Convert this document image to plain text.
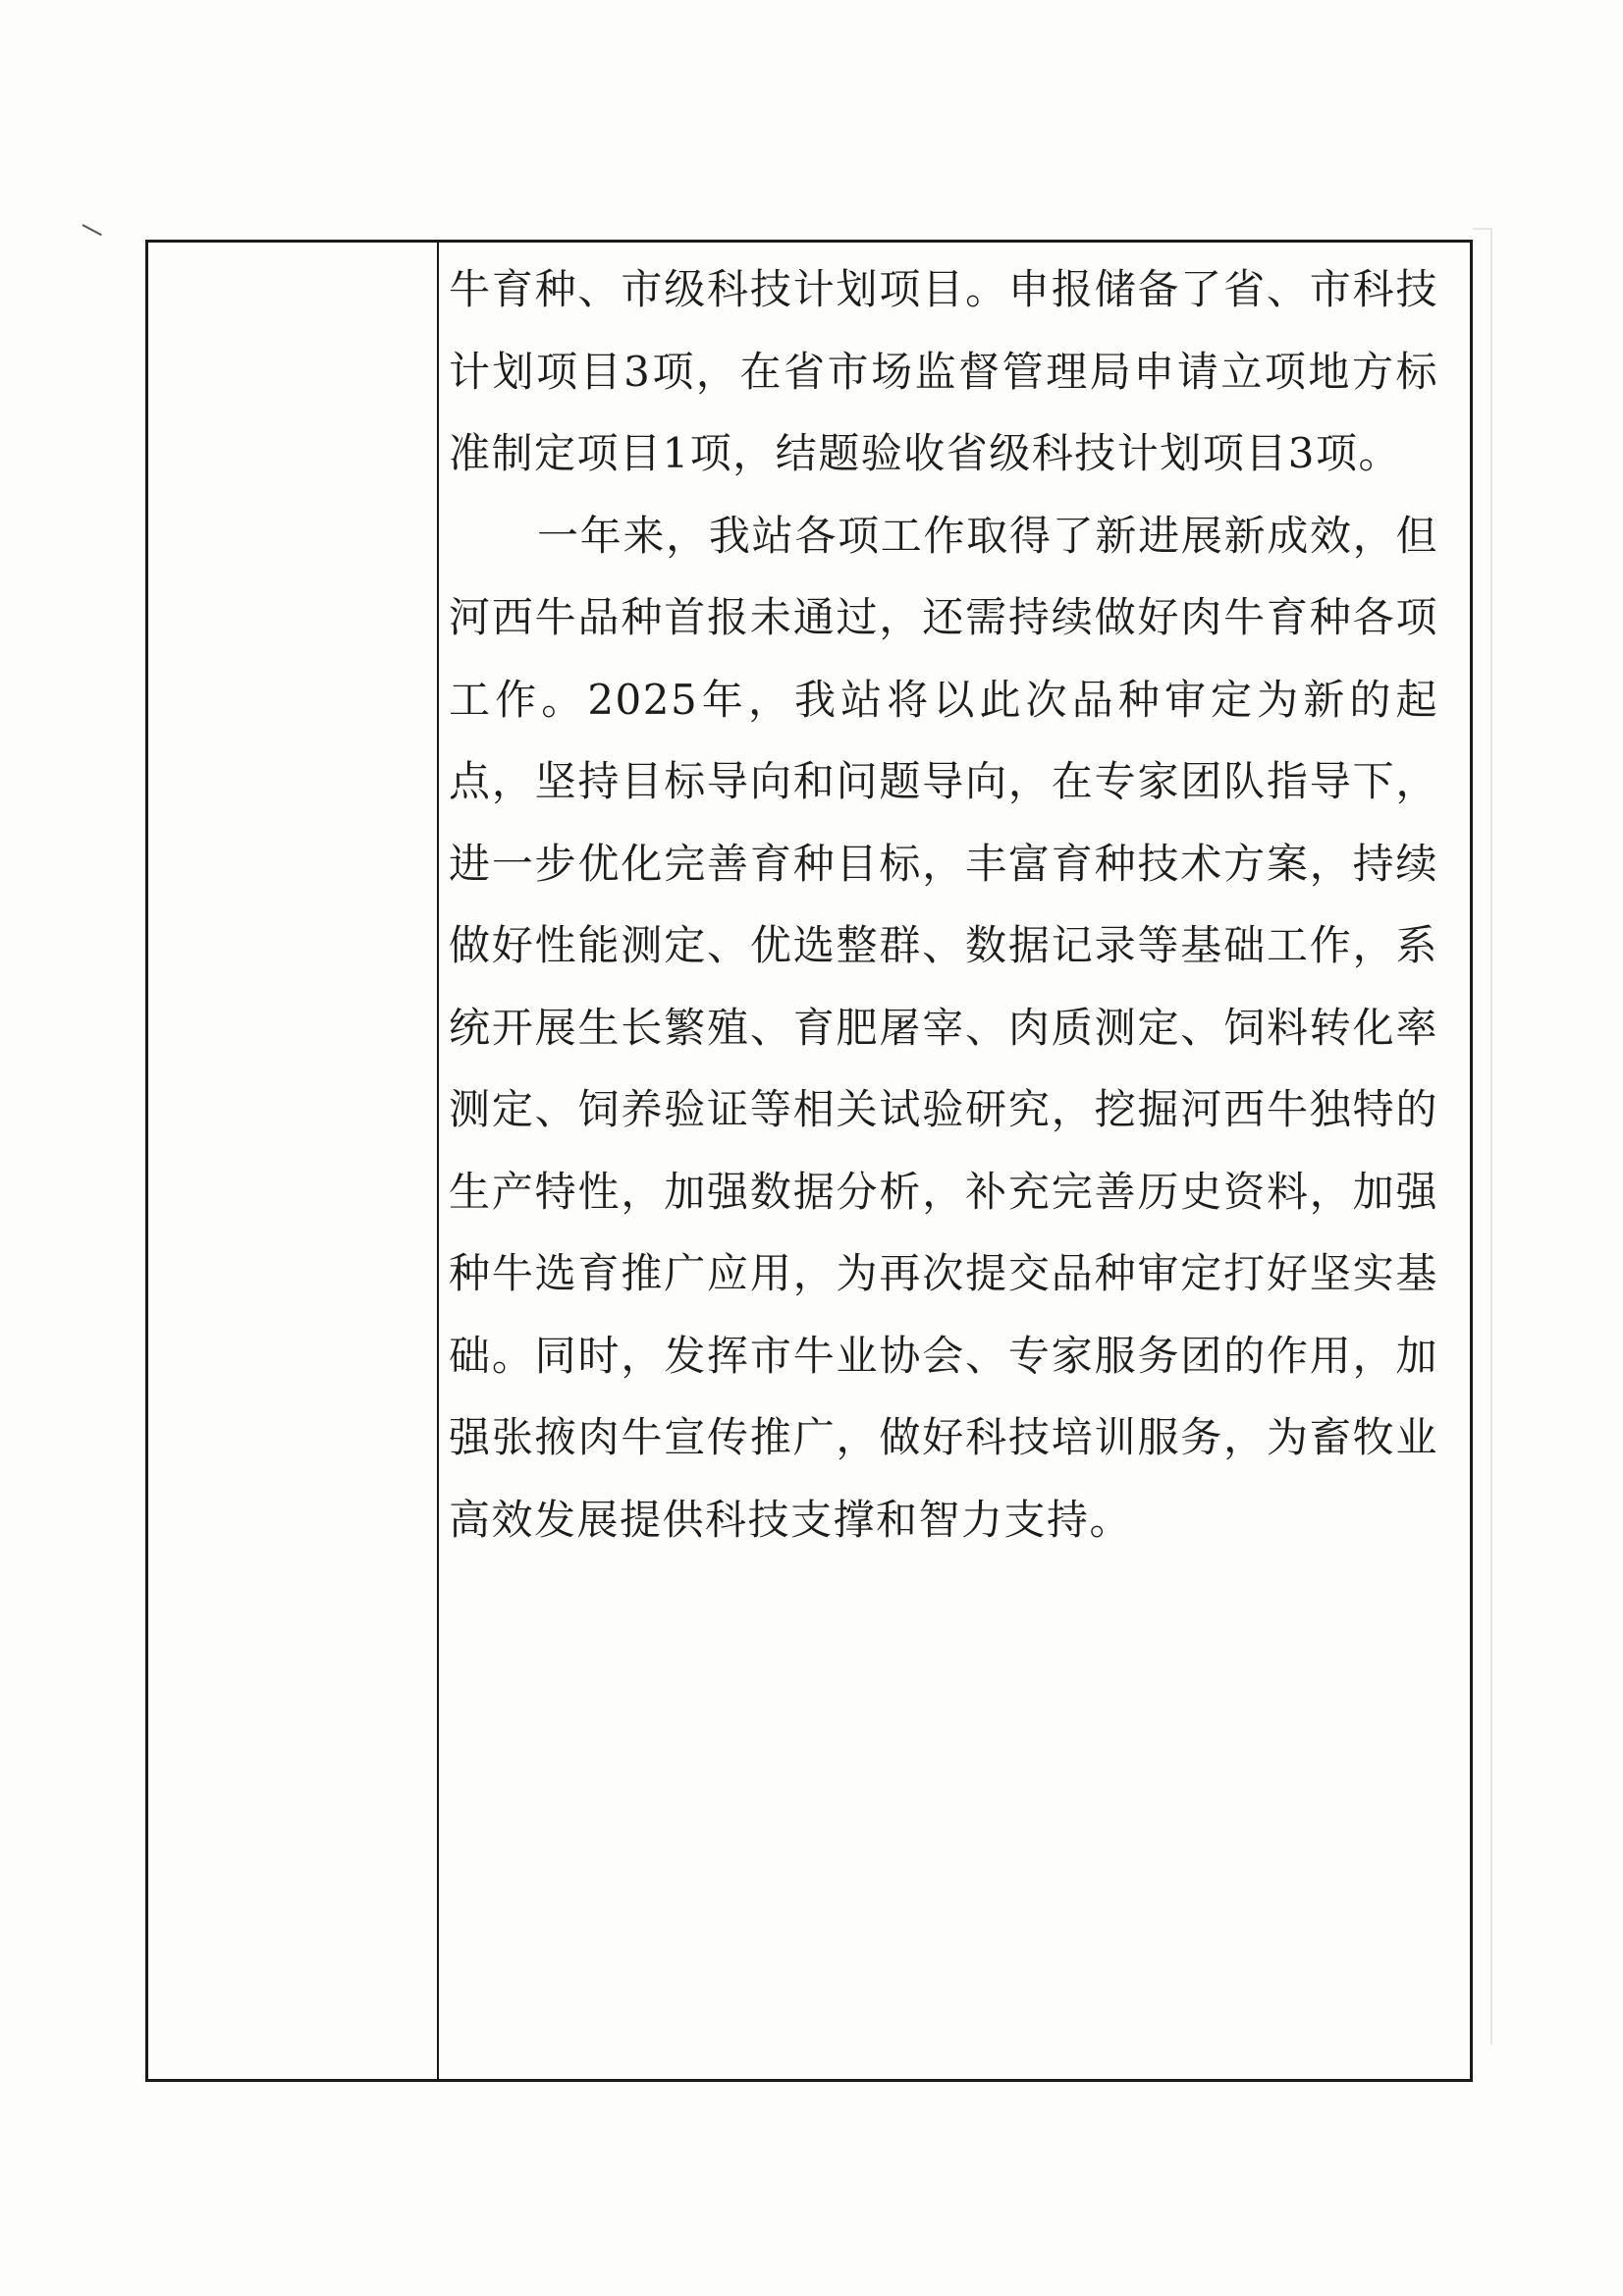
牛育种、市级科技计划项目。申报储备了省、市科技计划项目3项，在省市场监督管理局申请立项地方标准制定项目1项，结题验收省级科技计划项目3项。

一年来，我站各项工作取得了新进展新成效，但河西牛品种首报未通过，还需持续做好肉牛育种各项工作。2025年，我站将以此次品种审定为新的起点，坚持目标导向和问题导向，在专家团队指导下，进一步优化完善育种目标，丰富育种技术方案，持续做好性能测定、优选整群、数据记录等基础工作，系统开展生长繁殖、育肥屠宰、肉质测定、饲料转化率测定、饲养验证等相关试验研究，挖掘河西牛独特的生产特性，加强数据分析，补充完善历史资料，加强种牛选育推广应用，为再次提交品种审定打好坚实基础。同时，发挥市牛业协会、专家服务团的作用，加强张掖肉牛宣传推广，做好科技培训服务，为畜牧业高效发展提供科技支撑和智力支持。
